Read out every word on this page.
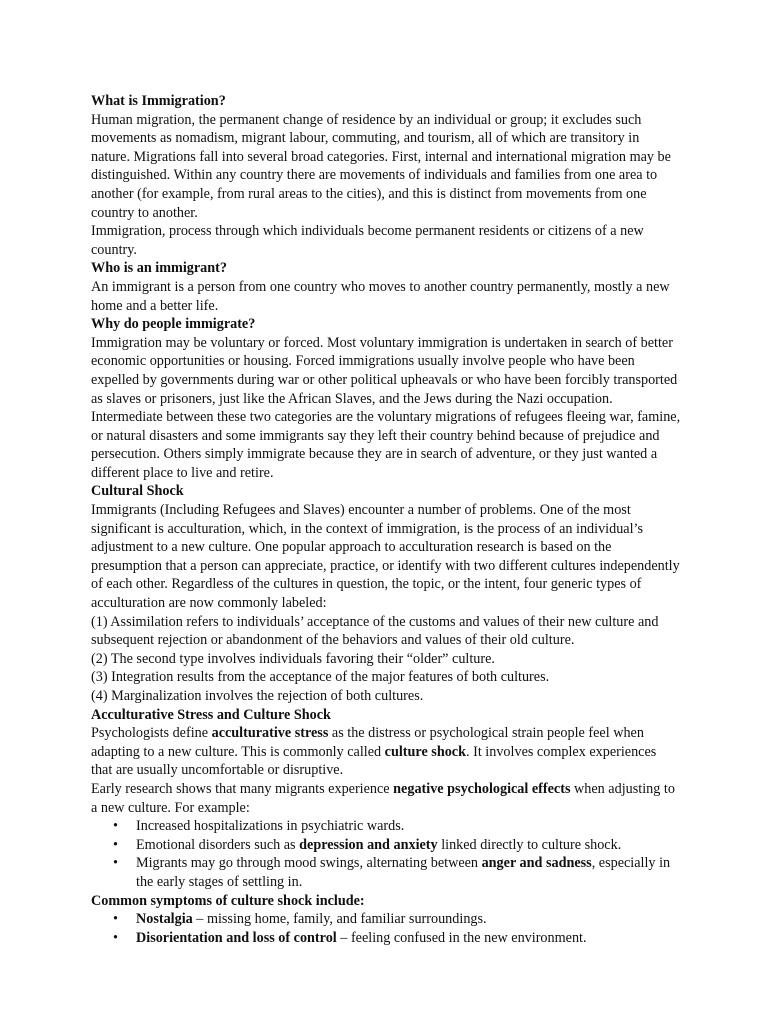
What is Immigration?

Human migration, the permanent change of residence by an individual or group; it excludes such movements as nomadism, migrant labour, commuting, and tourism, all of which are transitory in nature. Migrations fall into several broad categories. First, internal and international migration may be distinguished. Within any country there are movements of individuals and families from one area to another (for example, from rural areas to the cities), and this is distinct from movements from one country to another.

Immigration, process through which individuals become permanent residents or citizens of a new country.

Who is an immigrant?

An immigrant is a person from one country who moves to another country permanently, mostly a new home and a better life.

Why do people immigrate?

Immigration may be voluntary or forced. Most voluntary immigration is undertaken in search of better economic opportunities or housing. Forced immigrations usually involve people who have been expelled by governments during war or other political upheavals or who have been forcibly transported as slaves or prisoners, just like the African Slaves, and the Jews during the Nazi occupation. Intermediate between these two categories are the voluntary migrations of refugees fleeing war, famine, or natural disasters and some immigrants say they left their country behind because of prejudice and persecution. Others simply immigrate because they are in search of adventure, or they just wanted a different place to live and retire.

Cultural Shock

Immigrants (Including Refugees and Slaves) encounter a number of problems. One of the most significant is acculturation, which, in the context of immigration, is the process of an individual’s adjustment to a new culture. One popular approach to acculturation research is based on the presumption that a person can appreciate, practice, or identify with two different cultures independently of each other. Regardless of the cultures in question, the topic, or the intent, four generic types of acculturation are now commonly labeled:

(1) Assimilation refers to individuals’ acceptance of the customs and values of their new culture and subsequent rejection or abandonment of the behaviors and values of their old culture.

(2) The second type involves individuals favoring their “older” culture.

(3) Integration results from the acceptance of the major features of both cultures.

(4) Marginalization involves the rejection of both cultures.

Acculturative Stress and Culture Shock

Psychologists define acculturative stress as the distress or psychological strain people feel when adapting to a new culture. This is commonly called culture shock. It involves complex experiences that are usually uncomfortable or disruptive.

Early research shows that many migrants experience negative psychological effects when adjusting to a new culture. For example:

• Increased hospitalizations in psychiatric wards.
• Emotional disorders such as depression and anxiety linked directly to culture shock.
• Migrants may go through mood swings, alternating between anger and sadness, especially in the early stages of settling in.
Common symptoms of culture shock include:
• Nostalgia – missing home, family, and familiar surroundings.
• Disorientation and loss of control – feeling confused in the new environment.
